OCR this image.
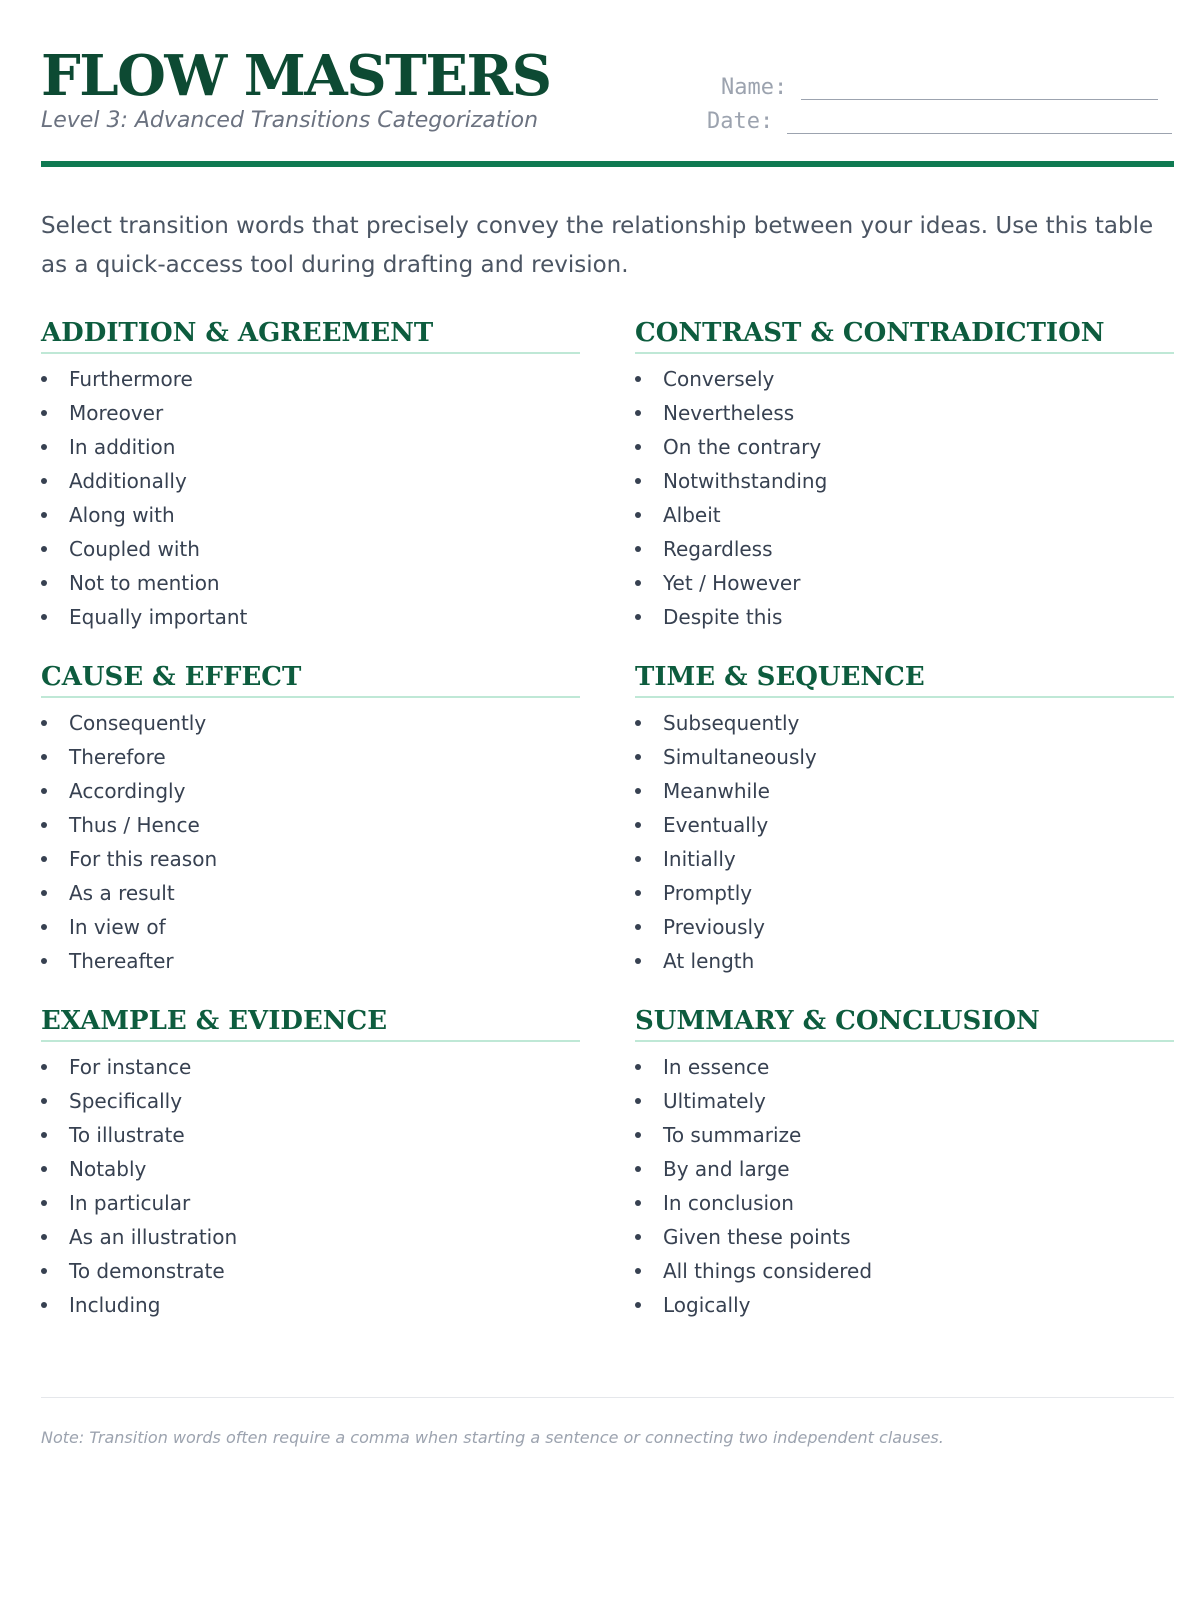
FLOW MASTERS
Level 3: Advanced Transitions Categorization
Name:
Date:

Select transition words that precisely convey the relationship between your ideas. Use this table as a quick-access tool during drafting and revision.

ADDITION & AGREEMENT
Furthermore
Moreover
In addition
Additionally
Along with
Coupled with
Not to mention
Equally important
CONTRAST & CONTRADICTION
Conversely
Nevertheless
On the contrary
Notwithstanding
Albeit
Regardless
Yet / However
Despite this
CAUSE & EFFECT
Consequently
Therefore
Accordingly
Thus / Hence
For this reason
As a result
In view of
Thereafter
TIME & SEQUENCE
Subsequently
Simultaneously
Meanwhile
Eventually
Initially
Promptly
Previously
At length
EXAMPLE & EVIDENCE
For instance
Specifically
To illustrate
Notably
In particular
As an illustration
To demonstrate
Including
SUMMARY & CONCLUSION
In essence
Ultimately
To summarize
By and large
In conclusion
Given these points
All things considered
Logically
Note: Transition words often require a comma when starting a sentence or connecting two independent clauses.
